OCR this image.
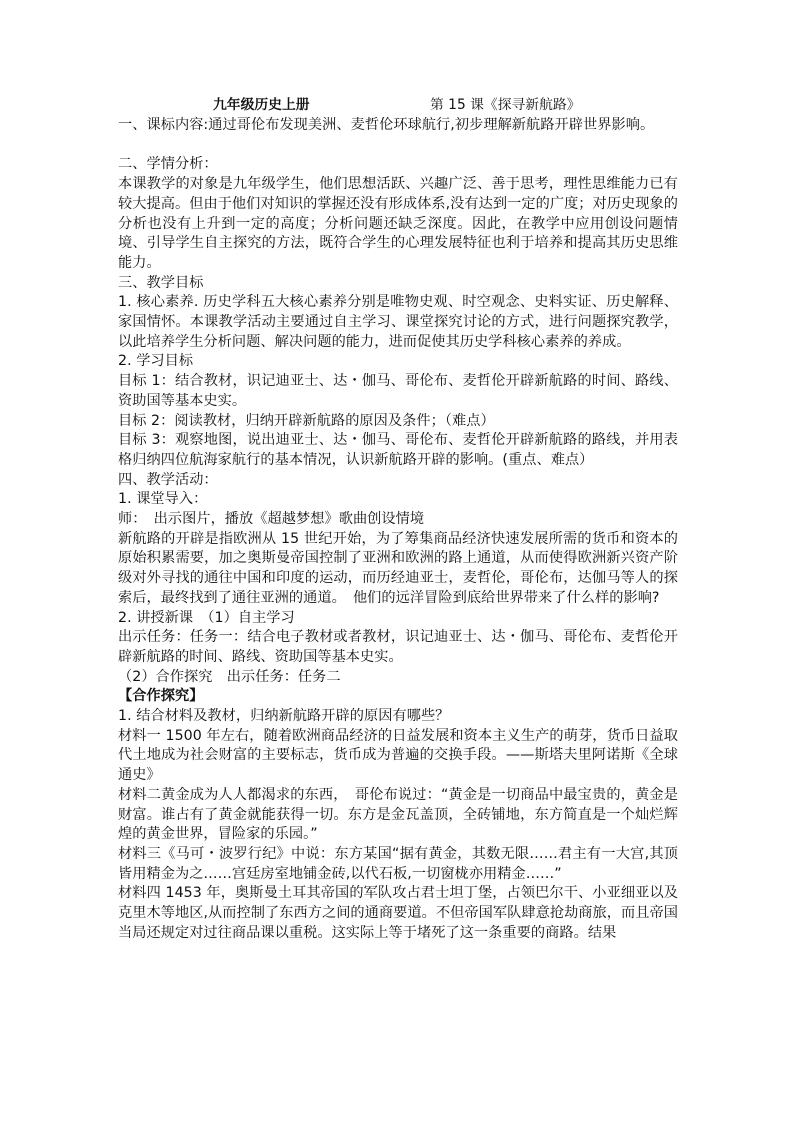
九年级历史上册	第 15 课《探寻新航路》

一、课标内容:通过哥伦布发现美洲、麦哲伦环球航行,初步理解新航路开辟世界影响。

二、学情分析：

本课教学的对象是九年级学生，他们思想活跃、兴趣广泛、善于思考，理性思维能力已有较大提高。但由于他们对知识的掌握还没有形成体系,没有达到一定的广度；对历史现象的分析也没有上升到一定的高度；分析问题还缺乏深度。因此，在教学中应用创设问题情境、引导学生自主探究的方法，既符合学生的心理发展特征也利于培养和提高其历史思维能力。

三、教学目标

1. 核心素养. 历史学科五大核心素养分别是唯物史观、时空观念、史料实证、历史解释、家国情怀。本课教学活动主要通过自主学习、课堂探究讨论的方式，进行问题探究教学，以此培养学生分析问题、解决问题的能力，进而促使其历史学科核心素养的养成。

2. 学习目标

目标 1：结合教材，识记迪亚士、达・伽马、哥伦布、麦哲伦开辟新航路的时间、路线、资助国等基本史实。

目标 2：阅读教材，归纳开辟新航路的原因及条件；（难点）

目标 3：观察地图，说出迪亚士、达・伽马、哥伦布、麦哲伦开辟新航路的路线，并用表格归纳四位航海家航行的基本情况，认识新航路开辟的影响。(重点、难点）

四、教学活动：

1. 课堂导入：

师：　出示图片，播放《超越梦想》歌曲创设情境

新航路的开辟是指欧洲从 15 世纪开始，为了筹集商品经济快速发展所需的货币和资本的原始积累需要，加之奥斯曼帝国控制了亚洲和欧洲的路上通道，从而使得欧洲新兴资产阶级对外寻找的通往中国和印度的运动，而历经迪亚士，麦哲伦，哥伦布，达伽马等人的探索后，最终找到了通往亚洲的通道。　他们的远洋冒险到底给世界带来了什么样的影响?

2. 讲授新课　（1）自主学习

出示任务：任务一：结合电子教材或者教材，识记迪亚士、达・伽马、哥伦布、麦哲伦开辟新航路的时间、路线、资助国等基本史实。

（2）合作探究　出示任务：任务二

【合作探究】

1. 结合材料及教材，归纳新航路开辟的原因有哪些？

材料一 1500 年左右，随着欧洲商品经济的日益发展和资本主义生产的萌芽，货币日益取代土地成为社会财富的主要标志，货币成为普遍的交换手段。——斯塔夫里阿诺斯《全球通史》

材料二黄金成为人人都渴求的东西，　哥伦布说过：“黄金是一切商品中最宝贵的，黄金是财富。谁占有了黄金就能获得一切。东方是金瓦盖顶，全砖铺地，东方简直是一个灿烂辉煌的黄金世界，冒险家的乐园。”

材料三《马可・波罗行纪》中说：东方某国“据有黄金，其数无限……君主有一大宫,其顶皆用精金为之……宫廷房室地铺金砖,以代石板,一切窗栊亦用精金……”

材料四 1453 年，奥斯曼土耳其帝国的军队攻占君士坦丁堡，占领巴尔干、小亚细亚以及克里木等地区,从而控制了东西方之间的通商要道。不但帝国军队肆意抢劫商旅，而且帝国当局还规定对过往商品课以重税。这实际上等于堵死了这一条重要的商路。结果
